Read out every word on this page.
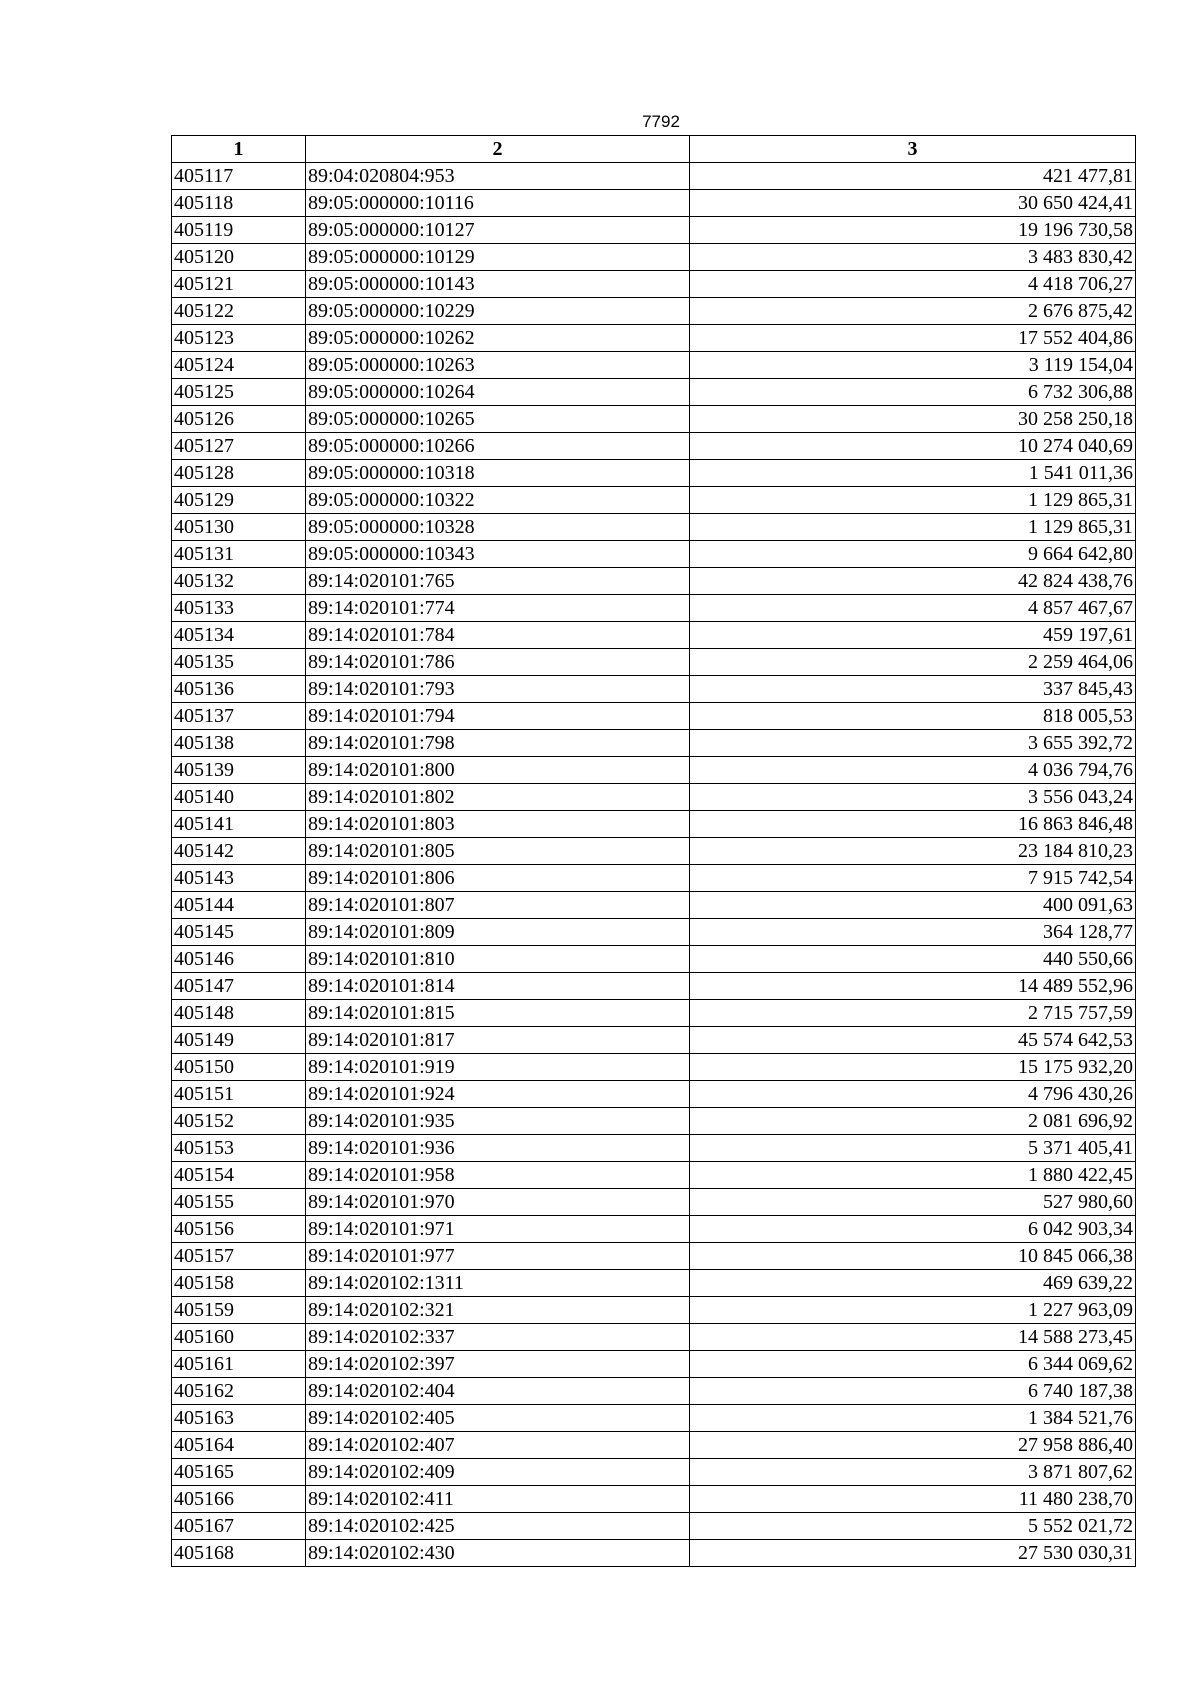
7792
1	2	3
405117	89:04:020804:953	421 477,81
405118	89:05:000000:10116	30 650 424,41
405119	89:05:000000:10127	19 196 730,58
405120	89:05:000000:10129	3 483 830,42
405121	89:05:000000:10143	4 418 706,27
405122	89:05:000000:10229	2 676 875,42
405123	89:05:000000:10262	17 552 404,86
405124	89:05:000000:10263	3 119 154,04
405125	89:05:000000:10264	6 732 306,88
405126	89:05:000000:10265	30 258 250,18
405127	89:05:000000:10266	10 274 040,69
405128	89:05:000000:10318	1 541 011,36
405129	89:05:000000:10322	1 129 865,31
405130	89:05:000000:10328	1 129 865,31
405131	89:05:000000:10343	9 664 642,80
405132	89:14:020101:765	42 824 438,76
405133	89:14:020101:774	4 857 467,67
405134	89:14:020101:784	459 197,61
405135	89:14:020101:786	2 259 464,06
405136	89:14:020101:793	337 845,43
405137	89:14:020101:794	818 005,53
405138	89:14:020101:798	3 655 392,72
405139	89:14:020101:800	4 036 794,76
405140	89:14:020101:802	3 556 043,24
405141	89:14:020101:803	16 863 846,48
405142	89:14:020101:805	23 184 810,23
405143	89:14:020101:806	7 915 742,54
405144	89:14:020101:807	400 091,63
405145	89:14:020101:809	364 128,77
405146	89:14:020101:810	440 550,66
405147	89:14:020101:814	14 489 552,96
405148	89:14:020101:815	2 715 757,59
405149	89:14:020101:817	45 574 642,53
405150	89:14:020101:919	15 175 932,20
405151	89:14:020101:924	4 796 430,26
405152	89:14:020101:935	2 081 696,92
405153	89:14:020101:936	5 371 405,41
405154	89:14:020101:958	1 880 422,45
405155	89:14:020101:970	527 980,60
405156	89:14:020101:971	6 042 903,34
405157	89:14:020101:977	10 845 066,38
405158	89:14:020102:1311	469 639,22
405159	89:14:020102:321	1 227 963,09
405160	89:14:020102:337	14 588 273,45
405161	89:14:020102:397	6 344 069,62
405162	89:14:020102:404	6 740 187,38
405163	89:14:020102:405	1 384 521,76
405164	89:14:020102:407	27 958 886,40
405165	89:14:020102:409	3 871 807,62
405166	89:14:020102:411	11 480 238,70
405167	89:14:020102:425	5 552 021,72
405168	89:14:020102:430	27 530 030,31
